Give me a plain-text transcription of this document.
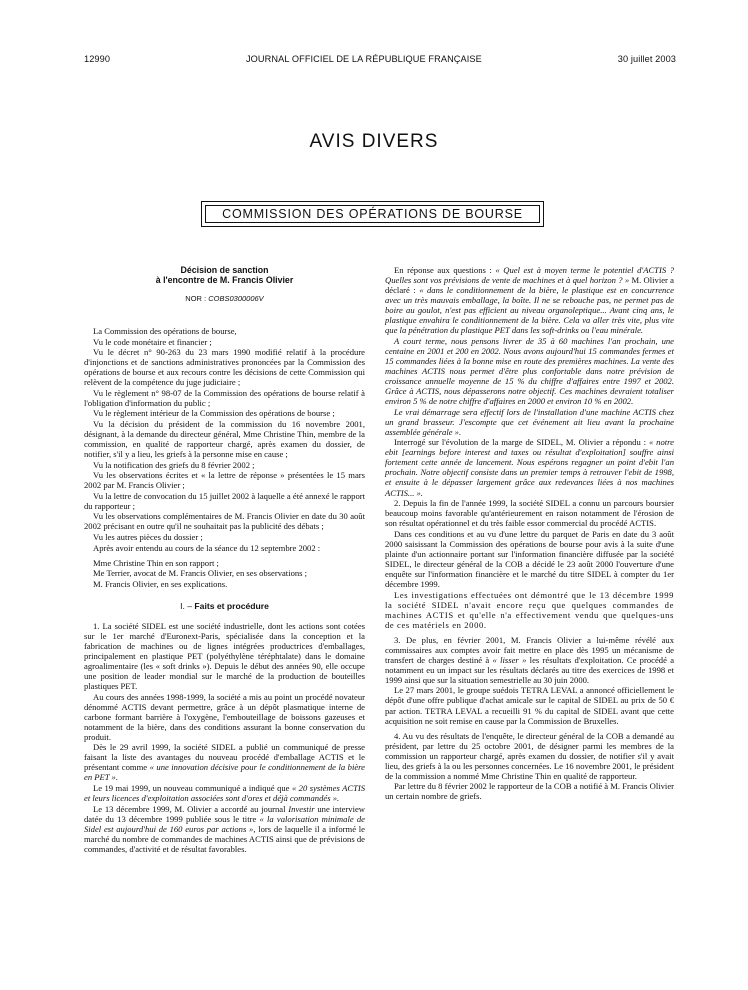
12990	JOURNAL OFFICIEL DE LA RÉPUBLIQUE FRANÇAISE	30 juillet 2003
AVIS DIVERS
COMMISSION DES OPÉRATIONS DE BOURSE
Décision de sanction
à l'encontre de M. Francis Olivier
NOR : COBS0300006V

La Commission des opérations de bourse,

Vu le code monétaire et financier ;

Vu le décret n° 90-263 du 23 mars 1990 modifié relatif à la procédure d'injonctions et de sanctions administratives prononcées par la Commission des opérations de bourse et aux recours contre les décisions de cette Commission qui relèvent de la compétence du juge judiciaire ;

Vu le règlement n° 98-07 de la Commission des opérations de bourse relatif à l'obligation d'information du public ;

Vu le règlement intérieur de la Commission des opérations de bourse ;

Vu la décision du président de la commission du 16 novembre 2001, désignant, à la demande du directeur général, Mme Christine Thin, membre de la commission, en qualité de rapporteur chargé, après examen du dossier, de notifier, s'il y a lieu, les griefs à la personne mise en cause ;

Vu la notification des griefs du 8 février 2002 ;

Vu les observations écrites et « la lettre de réponse » présentées le 15 mars 2002 par M. Francis Olivier ;

Vu la lettre de convocation du 15 juillet 2002 à laquelle a été annexé le rapport du rapporteur ;

Vu les observations complémentaires de M. Francis Olivier en date du 30 août 2002 précisant en outre qu'il ne souhaitait pas la publicité des débats ;

Vu les autres pièces du dossier ;

Après avoir entendu au cours de la séance du 12 septembre 2002 :

Mme Christine Thin en son rapport ;

Me Terrier, avocat de M. Francis Olivier, en ses observations ;

M. Francis Olivier, en ses explications.

I. – Faits et procédure

1. La société SIDEL est une société industrielle, dont les actions sont cotées sur le 1er marché d'Euronext-Paris, spécialisée dans la conception et la fabrication de machines ou de lignes intégrées productrices d'emballages, principalement en plastique PET (polyéthylène téréphtalate) dans le domaine agroalimentaire (les « soft drinks »). Depuis le début des années 90, elle occupe une position de leader mondial sur le marché de la production de bouteilles plastiques PET.

Au cours des années 1998-1999, la société a mis au point un procédé novateur dénommé ACTIS devant permettre, grâce à un dépôt plasmatique interne de carbone formant barrière à l'oxygène, l'embouteillage de boissons gazeuses et notamment de la bière, dans des conditions assurant la bonne conservation du produit.

Dès le 29 avril 1999, la société SIDEL a publié un communiqué de presse faisant la liste des avantages du nouveau procédé d'emballage ACTIS et le présentant comme « une innovation décisive pour le conditionnement de la bière en PET ».

Le 19 mai 1999, un nouveau communiqué a indiqué que « 20 systèmes ACTIS et leurs licences d'exploitation associées sont d'ores et déjà commandés ».

Le 13 décembre 1999, M. Olivier a accordé au journal Investir une interview datée du 13 décembre 1999 publiée sous le titre « la valorisation minimale de Sidel est aujourd'hui de 160 euros par actions », lors de laquelle il a informé le marché du nombre de commandes de machines ACTIS ainsi que de prévisions de commandes, d'activité et de résultat favorables.

En réponse aux questions : « Quel est à moyen terme le potentiel d'ACTIS ? Quelles sont vos prévisions de vente de machines et à quel horizon ? » M. Olivier a déclaré : « dans le conditionnement de la bière, le plastique est en concurrence avec un très mauvais emballage, la boîte. Il ne se rebouche pas, ne permet pas de boire au goulot, n'est pas efficient au niveau organoleptique... Avant cinq ans, le plastique envahira le conditionnement de la bière. Cela va aller très vite, plus vite que la pénétration du plastique PET dans les soft-drinks ou l'eau minérale.

A court terme, nous pensons livrer de 35 à 60 machines l'an prochain, une centaine en 2001 et 200 en 2002. Nous avons aujourd'hui 15 commandes fermes et 15 commandes liées à la bonne mise en route des premières machines. La vente des machines ACTIS nous permet d'être plus confortable dans notre prévision de croissance annuelle moyenne de 15 % du chiffre d'affaires entre 1997 et 2002. Grâce à ACTIS, nous dépasserons notre objectif. Ces machines devraient totaliser environ 5 % de notre chiffre d'affaires en 2000 et environ 10 % en 2002.

Le vrai démarrage sera effectif lors de l'installation d'une machine ACTIS chez un grand brasseur. J'escompte que cet événement ait lieu avant la prochaine assemblée générale ».

Interrogé sur l'évolution de la marge de SIDEL, M. Olivier a répondu : « notre ebit [earnings before interest and taxes ou résultat d'exploitation] souffre ainsi fortement cette année de lancement. Nous espérons regagner un point d'ebit l'an prochain. Notre objectif consiste dans un premier temps à retrouver l'ebit de 1998, et ensuite à le dépasser largement grâce aux redevances liées à nos machines ACTIS... ».

2. Depuis la fin de l'année 1999, la société SIDEL a connu un parcours boursier beaucoup moins favorable qu'antérieurement en raison notamment de l'érosion de son résultat opérationnel et du très faible essor commercial du procédé ACTIS.

Dans ces conditions et au vu d'une lettre du parquet de Paris en date du 3 août 2000 saisissant la Commission des opérations de bourse pour avis à la suite d'une plainte d'un actionnaire portant sur l'information financière diffusée par la société SIDEL, le directeur général de la COB a décidé le 23 août 2000 l'ouverture d'une enquête sur l'information financière et le marché du titre SIDEL à compter du 1er décembre 1999.

Les investigations effectuées ont démontré que le 13 décembre 1999 la société SIDEL n'avait encore reçu que quelques commandes de machines ACTIS et qu'elle n'a effectivement vendu que quelques-uns de ces matériels en 2000.

3. De plus, en février 2001, M. Francis Olivier a lui-même révélé aux commissaires aux comptes avoir fait mettre en place dès 1995 un mécanisme de transfert de charges destiné à « lisser » les résultats d'exploitation. Ce procédé a notamment eu un impact sur les résultats déclarés au titre des exercices de 1998 et 1999 ainsi que sur la situation semestrielle au 30 juin 2000.

Le 27 mars 2001, le groupe suédois TETRA LEVAL a annoncé officiellement le dépôt d'une offre publique d'achat amicale sur le capital de SIDEL au prix de 50 € par action. TETRA LEVAL a recueilli 91 % du capital de SIDEL avant que cette acquisition ne soit remise en cause par la Commission de Bruxelles.

4. Au vu des résultats de l'enquête, le directeur général de la COB a demandé au président, par lettre du 25 octobre 2001, de désigner parmi les membres de la commission un rapporteur chargé, après examen du dossier, de notifier s'il y avait lieu, des griefs à la ou les personnes concernées. Le 16 novembre 2001, le président de la commission a nommé Mme Christine Thin en qualité de rapporteur.

Par lettre du 8 février 2002 le rapporteur de la COB a notifié à M. Francis Olivier un certain nombre de griefs.
